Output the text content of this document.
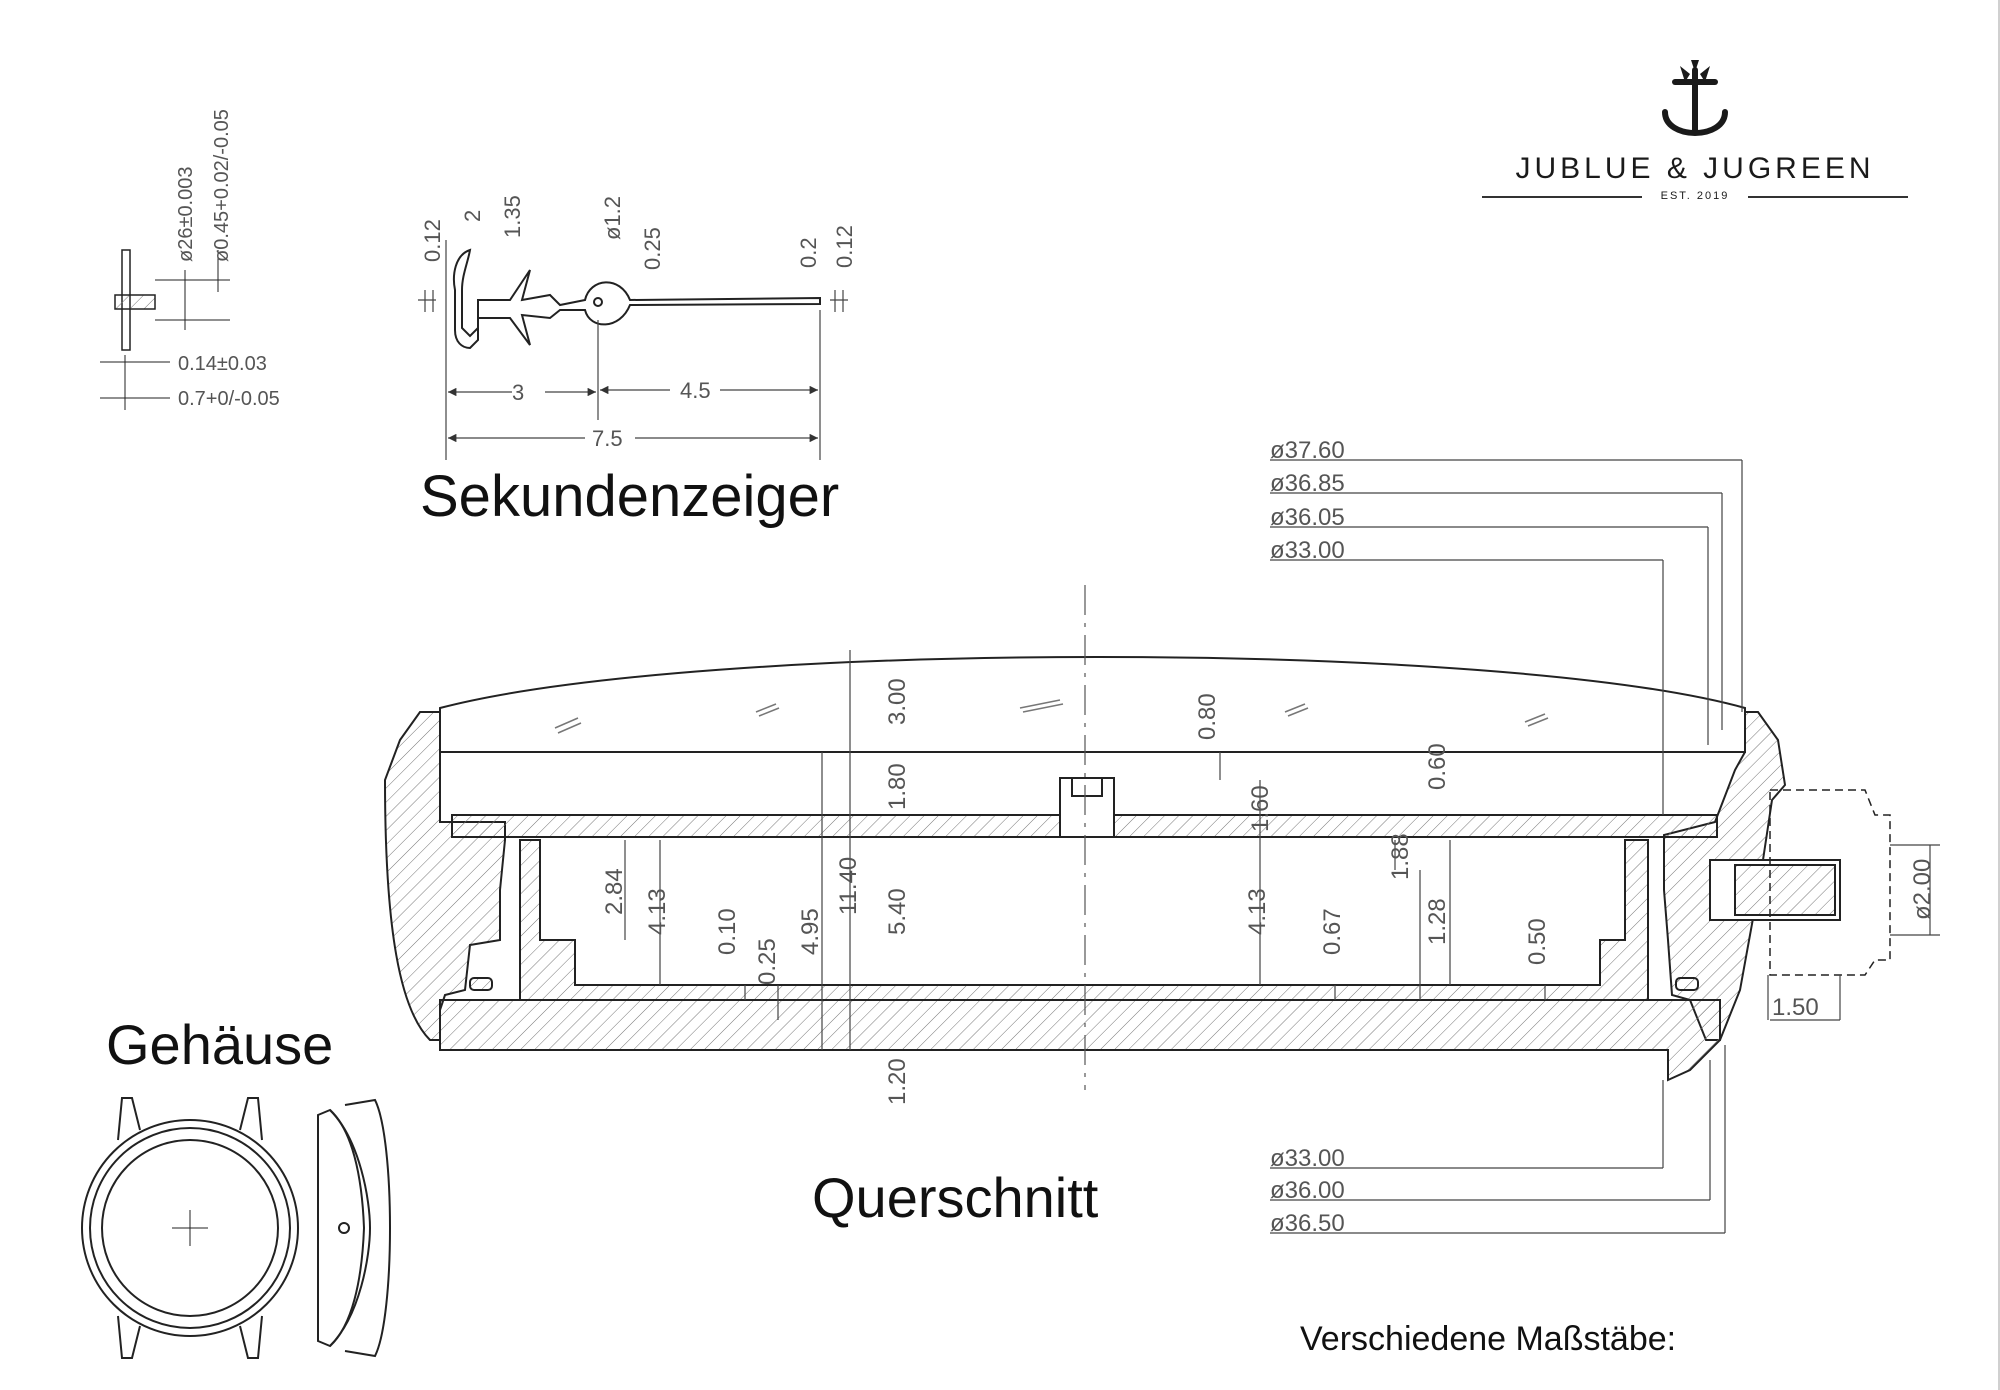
ø26±0.003 ø0.45+0.02/-0.05
0.14±0.03
0.7+0/-0.05
0.12
2 1.35	ø1.2
0.25	0.2 0.12
3	4.5
7.5	ø37.60
ø36.85
ø36.05
ø33.00
ø33.00
ø36.00
ø36.50
3.00	0.80
1.80	1.60
0.60
11.40 5.40
4.95
4.13	4.13
2.84
0.10
0.25
0.67	0.50
1.88
1.28
1.20
1.50
ø2.00
Sekundenzeiger
Gehäuse
Querschnitt
Verschiedene Maßstäbe:
JUBLUE & JUGREEN
EST. 2019
